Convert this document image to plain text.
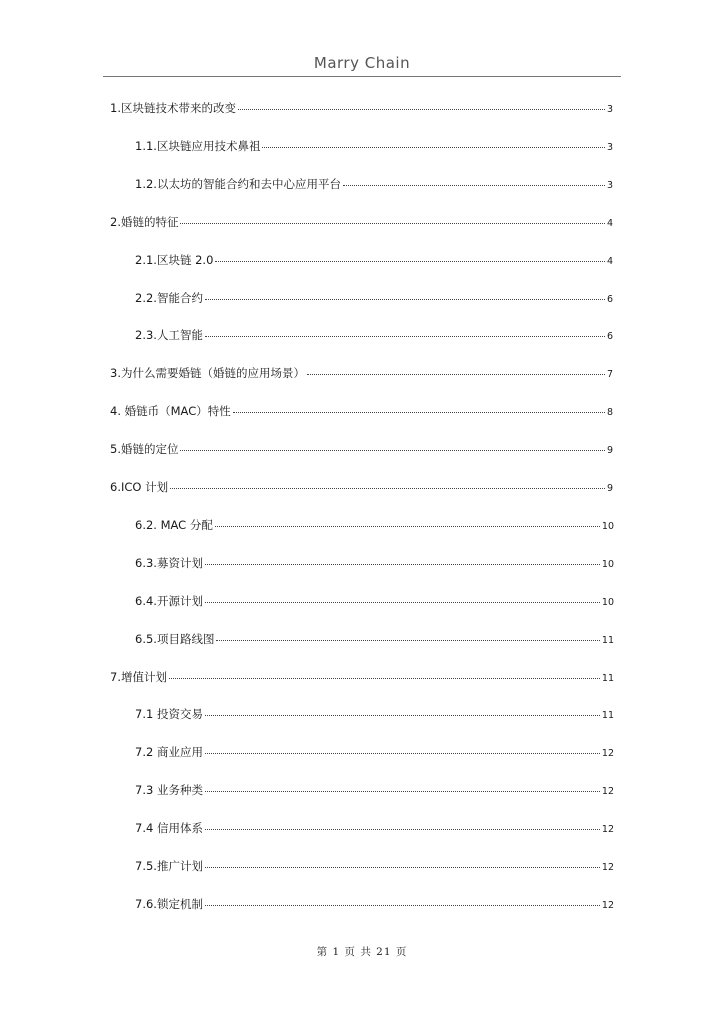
Marry Chain
1.区块链技术带来的改变	3
1.1.区块链应用技术鼻祖	3
1.2.以太坊的智能合约和去中心应用平台	3
2.婚链的特征	4
2.1.区块链 2.0	4
2.2.智能合约	6
2.3.人工智能	6
3.为什么需要婚链（婚链的应用场景）	7
4. 婚链币（MAC）特性	8
5.婚链的定位	9
6.ICO 计划	9
6.2. MAC 分配	10
6.3.募资计划	10
6.4.开源计划	10
6.5.项目路线图	11
7.增值计划	11
7.1 投资交易	11
7.2 商业应用	12
7.3 业务种类	12
7.4 信用体系	12
7.5.推广计划	12
7.6.锁定机制	12
第 1 页 共 21 页
